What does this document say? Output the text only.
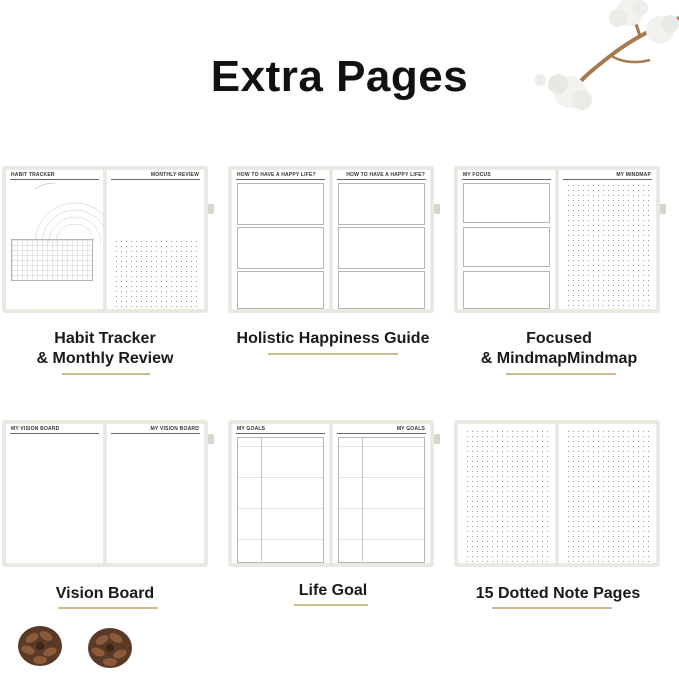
Extra Pages
HABIT TRACKER	MONTHLY REVIEW
Habit Tracker
& Monthly Review
HOW TO HAVE A HAPPY LIFE?	HOW TO HAVE A HAPPY LIFE?
Holistic Happiness Guide
MY FOCUS	MY MINDMAP
Focused
& MindmapMindmap
MY VISION BOARD	MY VISION BOARD
Vision Board
MY GOALS	MY GOALS
Life Goal	15 Dotted Note Pages
